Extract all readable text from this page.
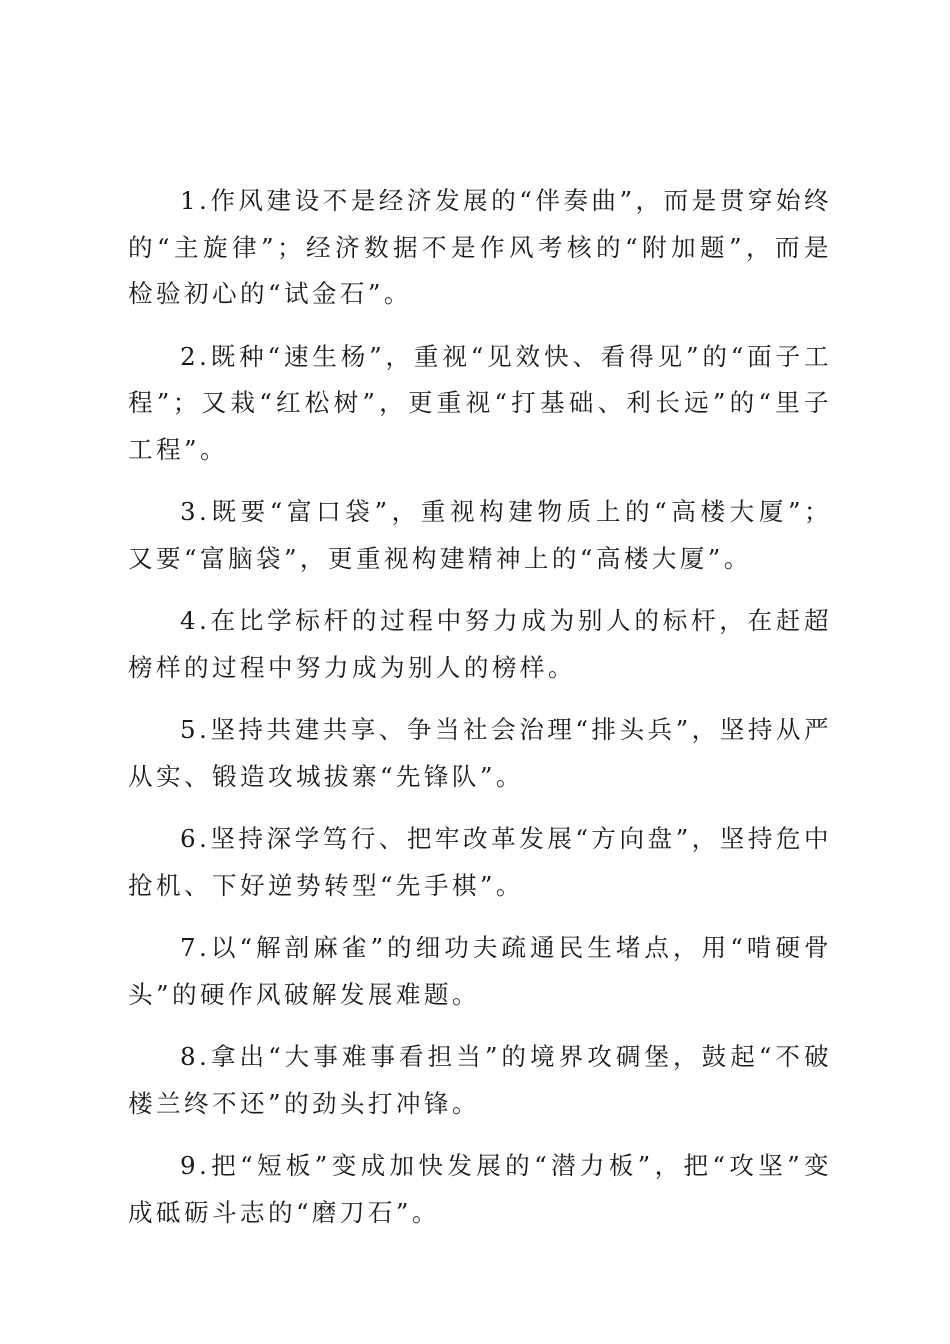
1.作风建设不是经济发展的“伴奏曲”，而是贯穿始终的“主旋律”；经济数据不是作风考核的“附加题”，而是检验初心的“试金石”。

2.既种“速生杨”，重视“见效快、看得见”的“面子工程”；又栽“红松树”，更重视“打基础、利长远”的“里子工程”。

3.既要“富口袋”，重视构建物质上的“高楼大厦”；又要“富脑袋”，更重视构建精神上的“高楼大厦”。

4.在比学标杆的过程中努力成为别人的标杆，在赶超榜样的过程中努力成为别人的榜样。

5.坚持共建共享、争当社会治理“排头兵”，坚持从严从实、锻造攻城拔寨“先锋队”。

6.坚持深学笃行、把牢改革发展“方向盘”，坚持危中抢机、下好逆势转型“先手棋”。

7.以“解剖麻雀”的细功夫疏通民生堵点，用“啃硬骨头”的硬作风破解发展难题。

8.拿出“大事难事看担当”的境界攻碉堡，鼓起“不破楼兰终不还”的劲头打冲锋。

9.把“短板”变成加快发展的“潜力板”，把“攻坚”变成砥砺斗志的“磨刀石”。
